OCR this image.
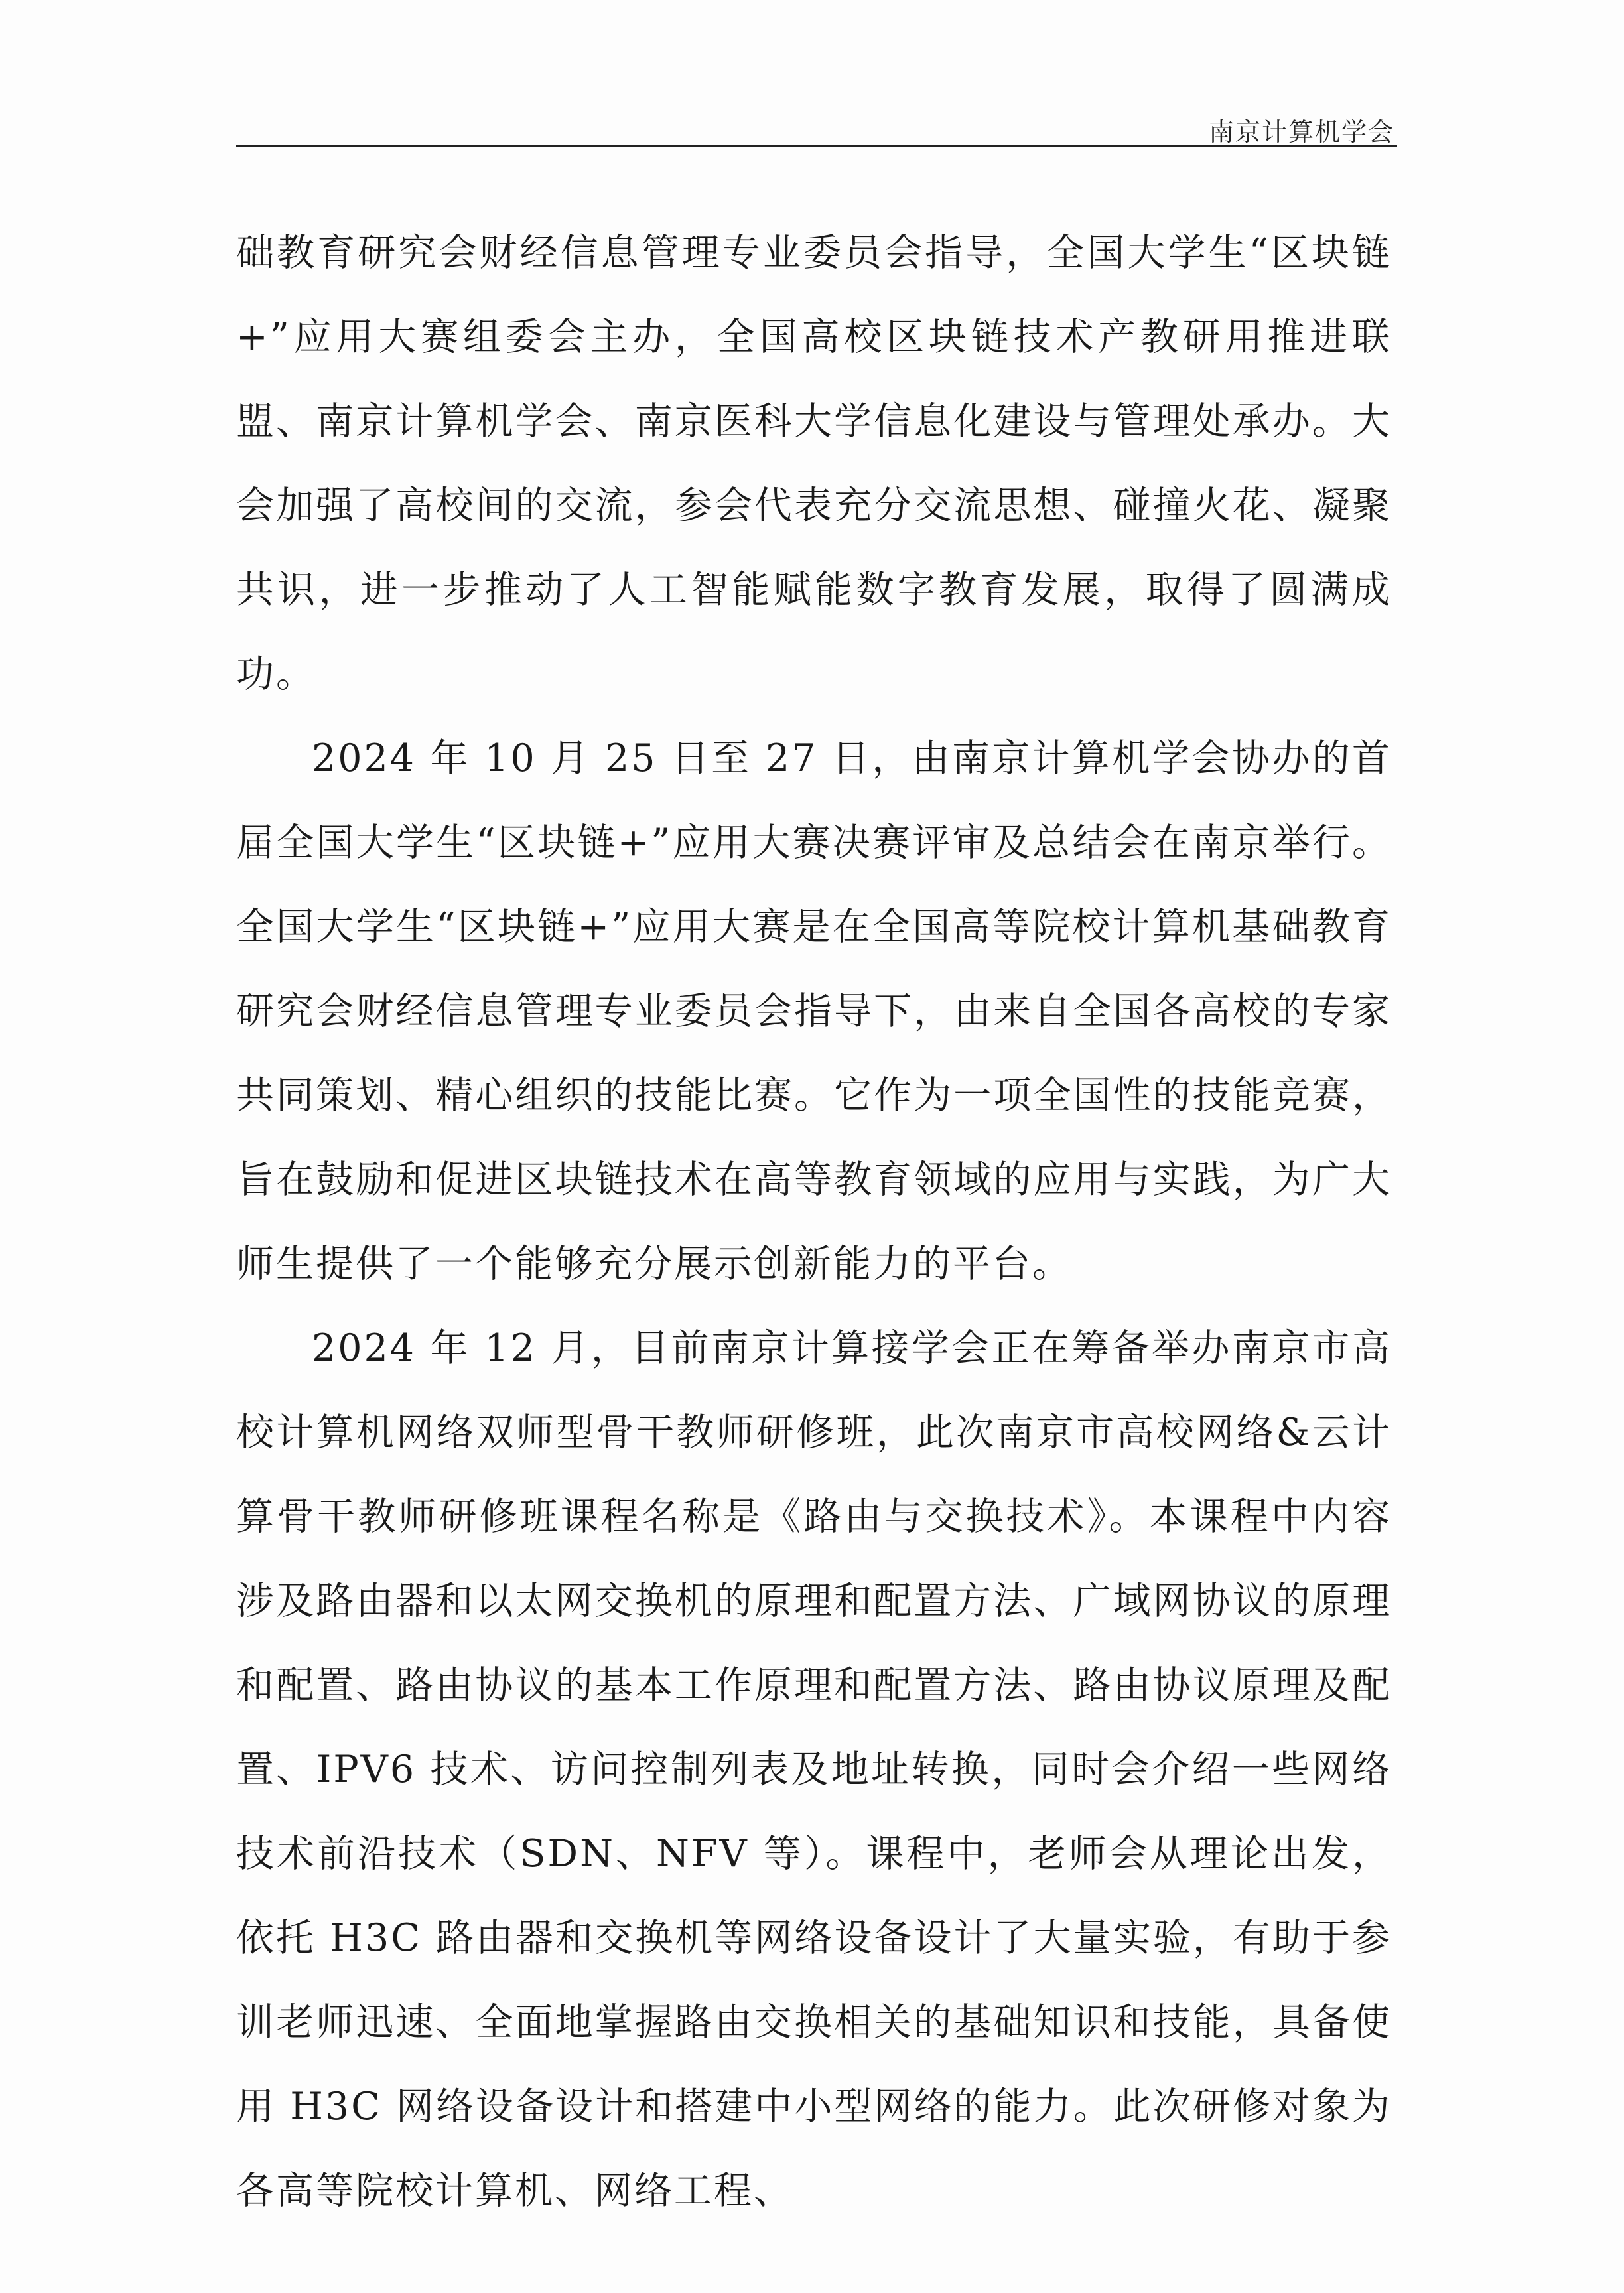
南京计算机学会

础教育研究会财经信息管理专业委员会指导，全国大学生“区块链+”应用大赛组委会主办，全国高校区块链技术产教研用推进联盟、南京计算机学会、南京医科大学信息化建设与管理处承办。大会加强了高校间的交流，参会代表充分交流思想、碰撞火花、凝聚共识，进一步推动了人工智能赋能数字教育发展，取得了圆满成功。

2024 年 10 月 25 日至 27 日，由南京计算机学会协办的首届全国大学生“区块链+”应用大赛决赛评审及总结会在南京举行。全国大学生“区块链+”应用大赛是在全国高等院校计算机基础教育研究会财经信息管理专业委员会指导下，由来自全国各高校的专家共同策划、精心组织的技能比赛。它作为一项全国性的技能竞赛，旨在鼓励和促进区块链技术在高等教育领域的应用与实践，为广大师生提供了一个能够充分展示创新能力的平台。

2024 年 12 月，目前南京计算接学会正在筹备举办南京市高校计算机网络双师型骨干教师研修班，此次南京市高校网络&云计算骨干教师研修班课程名称是《路由与交换技术》。本课程中内容涉及路由器和以太网交换机的原理和配置方法、广域网协议的原理和配置、路由协议的基本工作原理和配置方法、路由协议原理及配置、IPV6 技术、访问控制列表及地址转换，同时会介绍一些网络技术前沿技术（SDN、NFV 等）。课程中，老师会从理论出发，依托 H3C 路由器和交换机等网络设备设计了大量实验，有助于参训老师迅速、全面地掌握路由交换相关的基础知识和技能，具备使用 H3C 网络设备设计和搭建中小型网络的能力。此次研修对象为各高等院校计算机、网络工程、
